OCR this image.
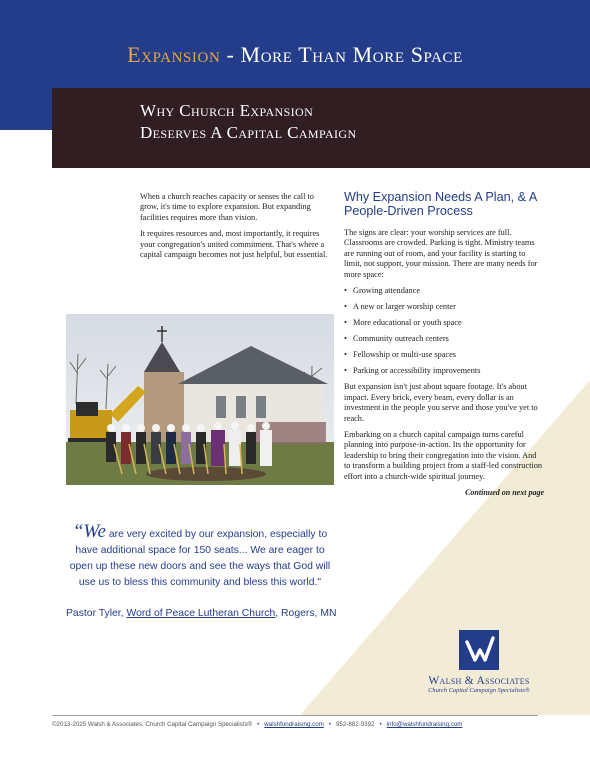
Expansion - More Than More Space
Why Church Expansion
Deserves A Capital Campaign

When a church reaches capacity or senses the call to grow, it's time to explore expansion. But expanding facilities requires more than vision.

It requires resources and, most importantly, it requires your congregation's united commitment. That's where a capital campaign becomes not just helpful, but essential.

“We are very excited by our expansion, especially to have additional space for 150 seats... We are eager to open up these new doors and see the ways that God will use us to bless this community and bless this world."
Pastor Tyler, Word of Peace Lutheran Church, Rogers, MN
Why Expansion Needs A Plan, & A People-Driven Process

The signs are clear: your worship services are full. Classrooms are crowded. Parking is tight. Ministry teams are running out of room, and your facility is starting to limit, not support, your mission. There are many needs for more space:

• Growing attendance
• A new or larger worship center
• More educational or youth space
• Community outreach centers
• Fellowship or multi-use spaces
• Parking or accessibility improvements

But expansion isn't just about square footage. It's about impact. Every brick, every beam, every dollar is an investment in the people you serve and those you've yet to reach.

Embarking on a church capital campaign turns careful planning into purpose-in-action. Its the opportunity for leadership to bring their congregation into the vision. And to transform a building project from a staff-led construction effort into a church-wide spiritual journey.

Continued on next page
Walsh & Associates
Church Capital Campaign Specialists®
©2013-2025 Walsh & Associates, Church Capital Campaign Specialists® • walshfundraising.com • 952-882-9392 • info@walshfundraising.com
